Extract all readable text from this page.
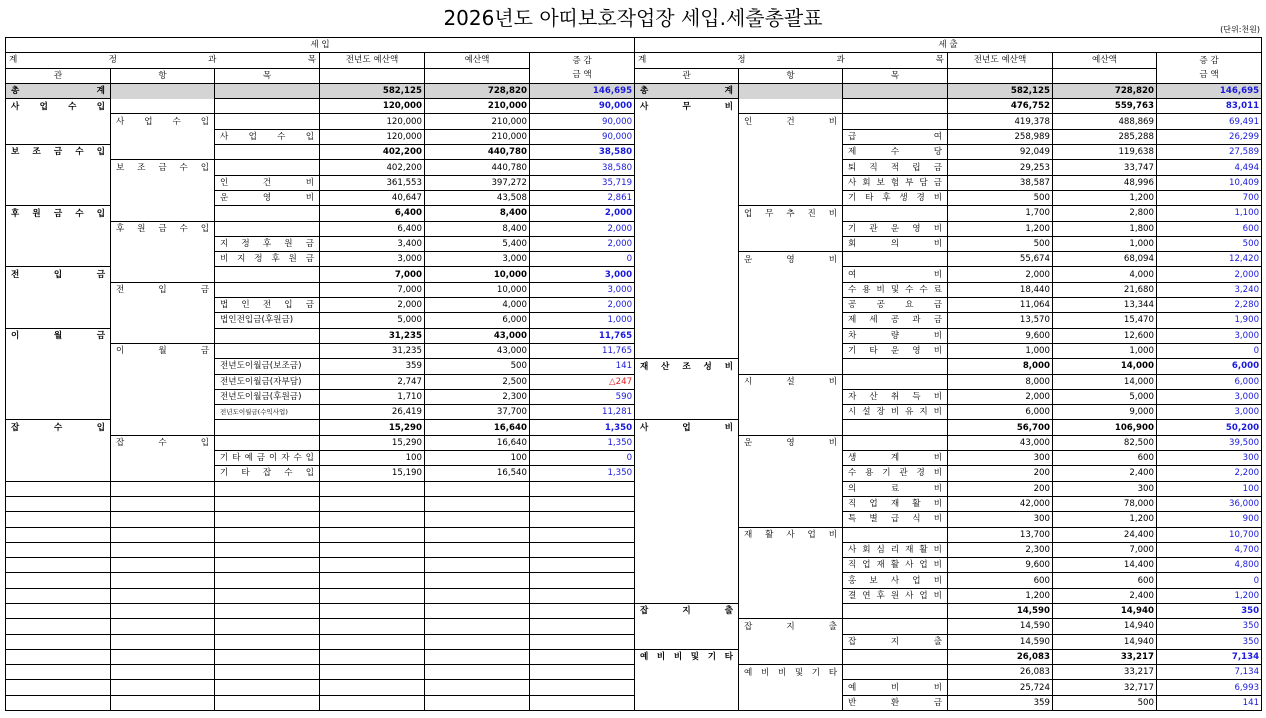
2026년도 아띠보호작업장 세입.세출총괄표	(단위:천원)
세 입					

계 정 과 목			전년도 예산액	예산액	증 감
관	항	목			금 액
총 계			582,125	728,820	146,695
사 업 수 입			120,000	210,000	90,000
	사 업 수 입		120,000	210,000	90,000
		사 업 수 입	120,000	210,000	90,000
보 조 금 수 입			402,200	440,780	38,580
	보 조 금 수 입		402,200	440,780	38,580
		인 건 비	361,553	397,272	35,719
		운 영 비	40,647	43,508	2,861
후 원 금 수 입			6,400	8,400	2,000
	후 원 금 수 입		6,400	8,400	2,000
		지 정 후 원 금	3,400	5,400	2,000
		비 지 정 후 원 금	3,000	3,000	0
전 입 금			7,000	10,000	3,000
	전 입 금		7,000	10,000	3,000
		법 인 전 입 금	2,000	4,000	2,000
		법인전입금(후원금)	5,000	6,000	1,000
이 월 금			31,235	43,000	11,765
	이 월 금		31,235	43,000	11,765
		전년도이월금(보조금)	359	500	141
		전년도이월금(자부담)	2,747	2,500	△247
		전년도이월금(후원금)	1,710	2,300	590
		전년도이월금(수익사업)	26,419	37,700	11,281
잡 수 입			15,290	16,640	1,350
	잡 수 입		15,290	16,640	1,350
		기 타 예 금 이 자 수 입	100	100	0
		기 타 잡 수 입	15,190	16,540	1,350

세 출					

계 정 과 목			전년도 예산액	예산액	증 감
관	항	목			금 액
총 계			582,125	728,820	146,695
사 무 비			476,752	559,763	83,011
	인 건 비		419,378	488,869	69,491
		급 여	258,989	285,288	26,299
		제 수 당	92,049	119,638	27,589
		퇴 직 적 립 금	29,253	33,747	4,494
		사 회 보 험 부 담 금	38,587	48,996	10,409
		기 타 후 생 경 비	500	1,200	700
	업 무 추 진 비		1,700	2,800	1,100
		기 관 운 영 비	1,200	1,800	600
		회 의 비	500	1,000	500
	운 영 비		55,674	68,094	12,420
		여 비	2,000	4,000	2,000
		수 용 비 및 수 수 료	18,440	21,680	3,240
		공 공 요 금	11,064	13,344	2,280
		제 세 공 과 금	13,570	15,470	1,900
		차 량 비	9,600	12,600	3,000
		기 타 운 영 비	1,000	1,000	0
재 산 조 성 비			8,000	14,000	6,000
	시 설 비		8,000	14,000	6,000
		자 산 취 득 비	2,000	5,000	3,000
		시 설 장 비 유 지 비	6,000	9,000	3,000
사 업 비			56,700	106,900	50,200
	운 영 비		43,000	82,500	39,500
		생 계 비	300	600	300
		수 용 기 관 경 비	200	2,400	2,200
		의 료 비	200	300	100
		직 업 재 활 비	42,000	78,000	36,000
		특 별 급 식 비	300	1,200	900
	재 활 사 업 비		13,700	24,400	10,700
		사 회 심 리 재 활 비	2,300	7,000	4,700
		직 업 재 활 사 업 비	9,600	14,400	4,800
		홍 보 사 업 비	600	600	0
		결 연 후 원 사 업 비	1,200	2,400	1,200
잡 지 출			14,590	14,940	350
	잡 지 출		14,590	14,940	350
		잡 지 출	14,590	14,940	350
예 비 비 및 기 타			26,083	33,217	7,134
	예 비 비 및 기 타		26,083	33,217	7,134
		예 비 비	25,724	32,717	6,993
		반 환 금	359	500	141
